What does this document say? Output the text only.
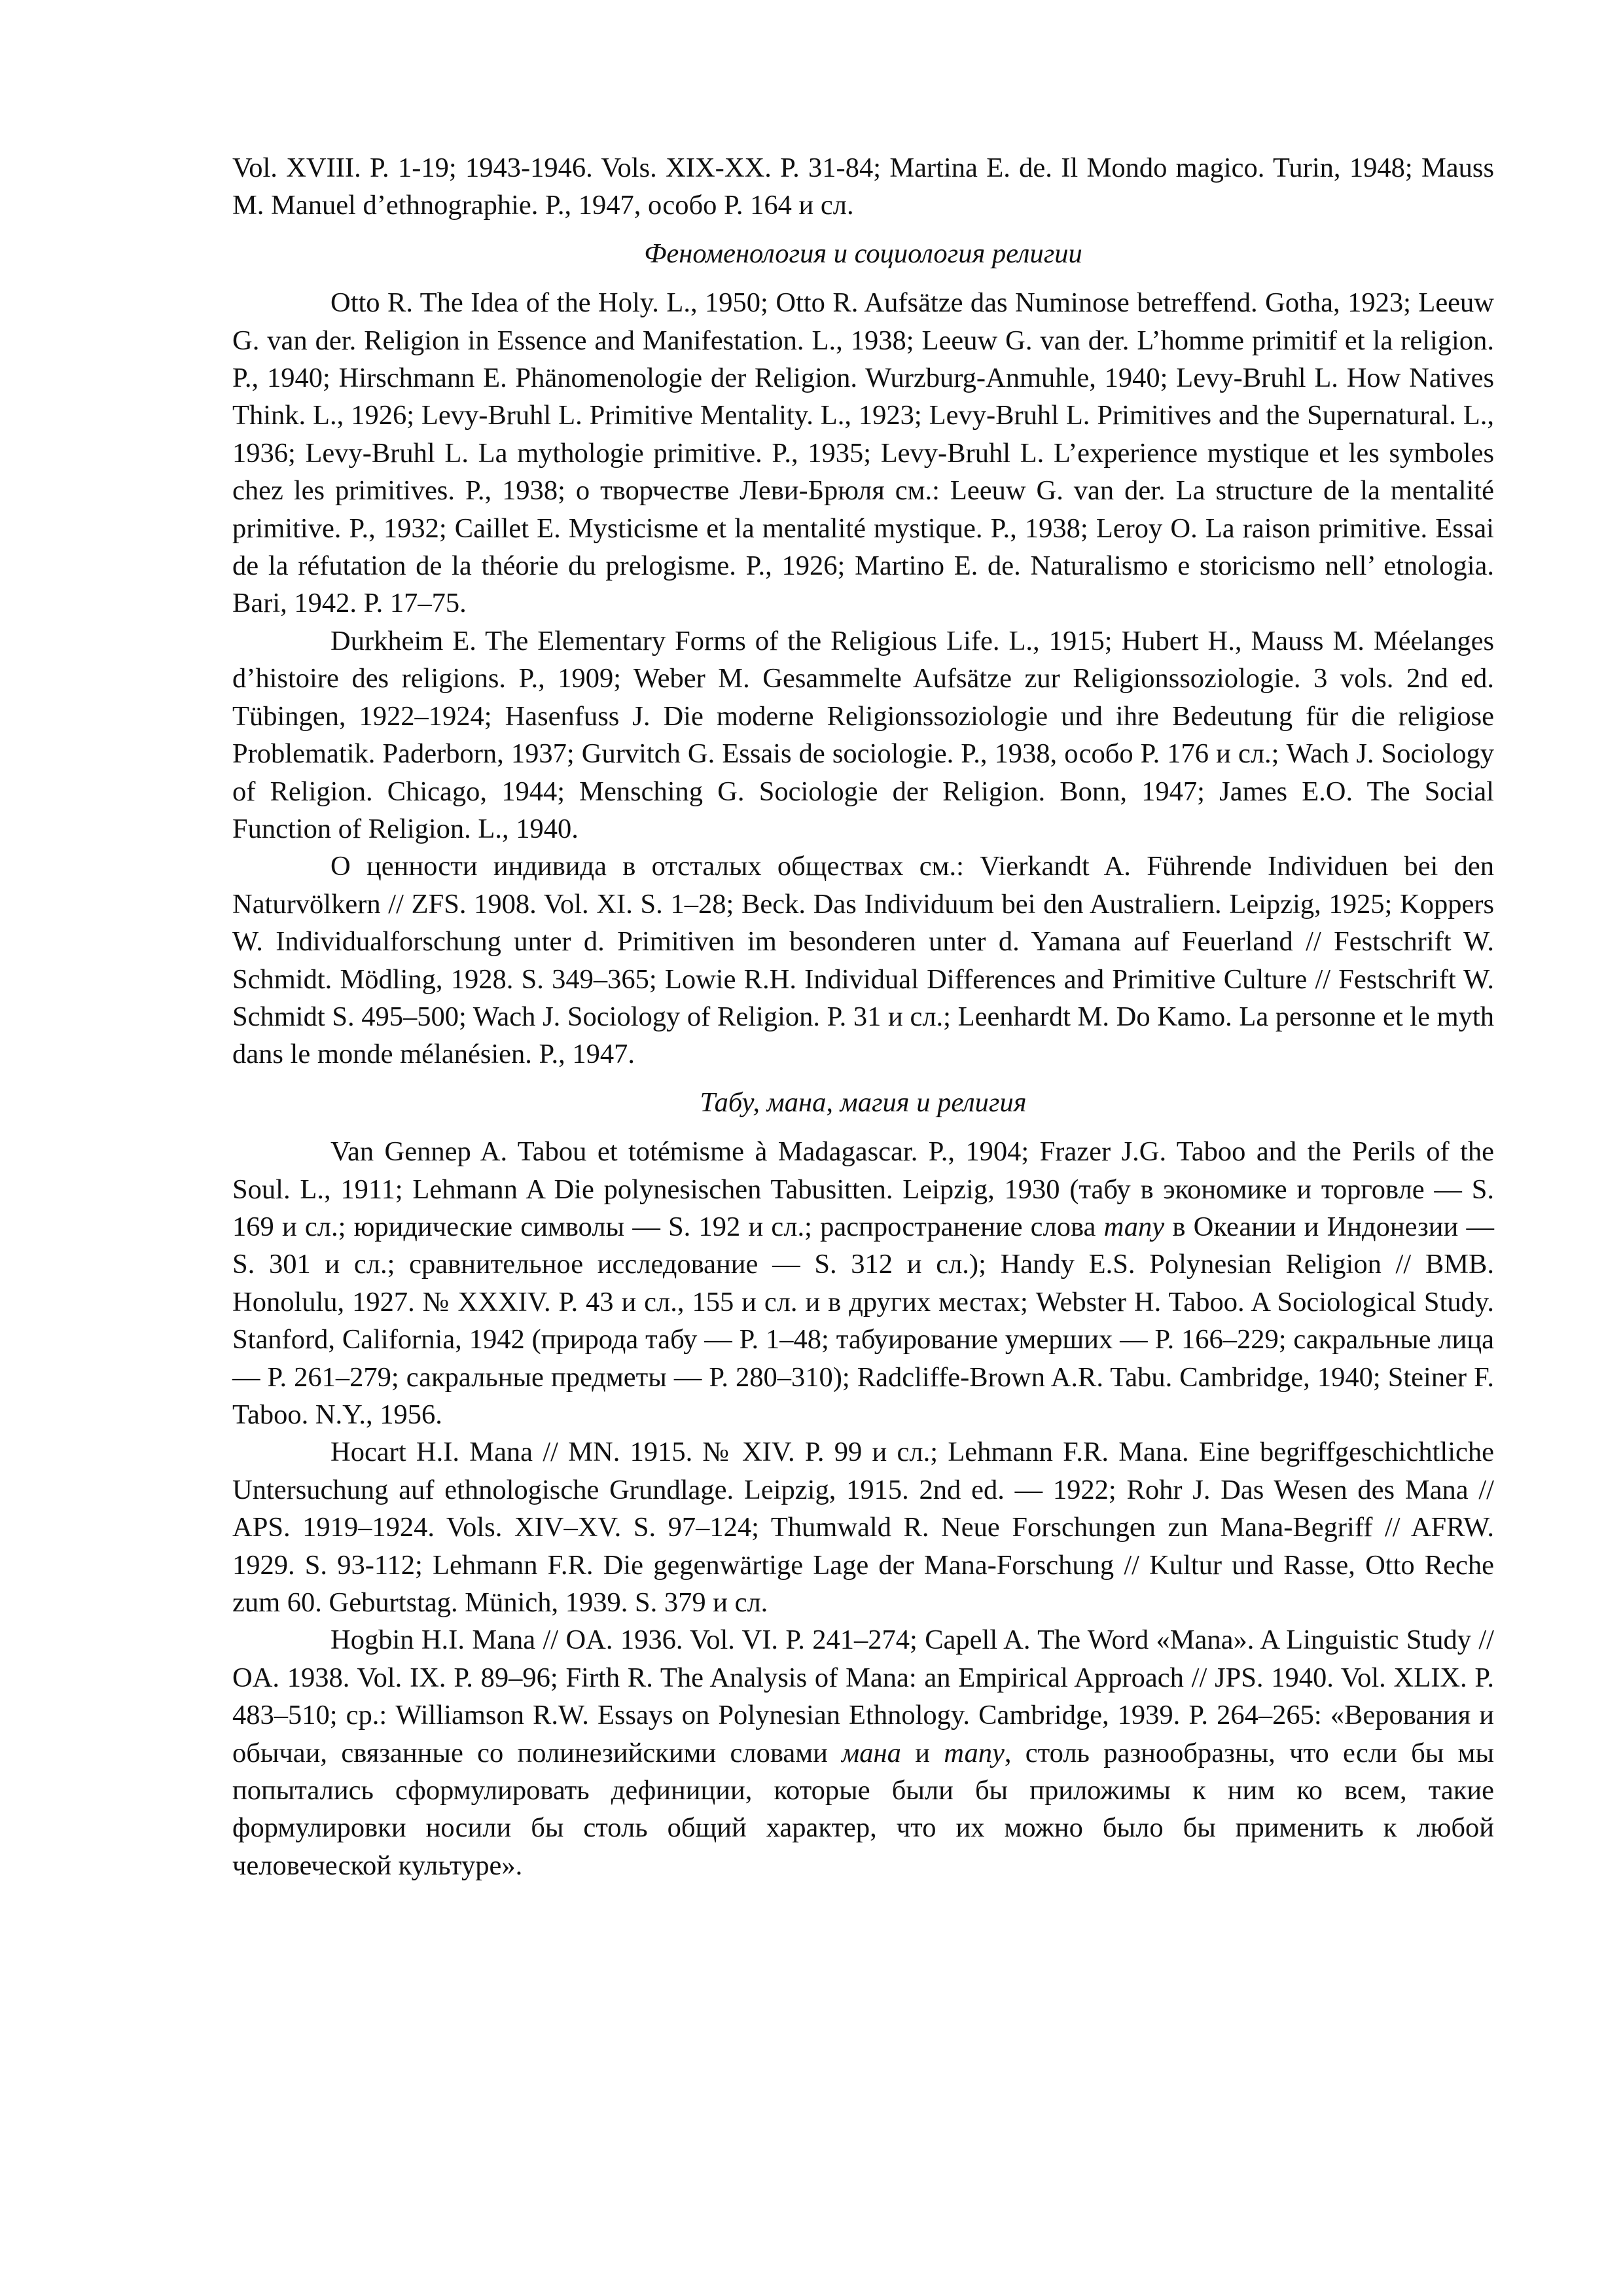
Vol. XVIII. P. 1-19; 1943-1946. Vols. XIX-XX. P. 31-84; Martina E. de. Il Mondo magico. Turin, 1948; Mauss M. Manuel d’ethnographie. P., 1947, особо P. 164 и сл.

Феноменология и социология религии

Otto R. The Idea of the Holy. L., 1950; Otto R. Aufsätze das Numinose betreffend. Gotha, 1923; Leeuw G. van der. Religion in Essence and Manifestation. L., 1938; Leeuw G. van der. L’homme primitif et la religion. P., 1940; Hirschmann E. Phänomenologie der Religion. Wurzburg-Anmuhle, 1940; Levy-Bruhl L. How Natives Think. L., 1926; Levy-Bruhl L. Primitive Mentality. L., 1923; Levy-Bruhl L. Primitives and the Supernatural. L., 1936; Levy-Bruhl L. La mythologie primitive. P., 1935; Levy-Bruhl L. L’experience mystique et les symboles chez les primitives. P., 1938; о творчестве Леви-Брюля см.: Leeuw G. van der. La structure de la mentalité primitive. P., 1932; Caillet E. Mysticisme et la mentalité mystique. P., 1938; Leroy O. La raison primitive. Essai de la réfutation de la théorie du prelogisme. P., 1926; Martino E. de. Naturalismo e storicismo nell’ etnologia. Bari, 1942. P. 17–75.

Durkheim E. The Elementary Forms of the Religious Life. L., 1915; Hubert H., Mauss M. Méelanges d’histoire des religions. P., 1909; Weber M. Gesammelte Aufsätze zur Religionssoziologie. 3 vols. 2nd ed. Tübingen, 1922–1924; Hasenfuss J. Die moderne Religionssoziologie und ihre Bedeutung für die religiose Problematik. Paderborn, 1937; Gurvitch G. Essais de sociologie. P., 1938, особо P. 176 и сл.; Wach J. Sociology of Religion. Chicago, 1944; Mensching G. Sociologie der Religion. Bonn, 1947; James E.O. The Social Function of Religion. L., 1940.

О ценности индивида в отсталых обществах см.: Vierkandt A. Führende Individuen bei den Naturvölkern // ZFS. 1908. Vol. XI. S. 1–28; Beck. Das Individuum bei den Australiern. Leipzig, 1925; Koppers W. Individualforschung unter d. Primitiven im besonderen unter d. Yamana auf Feuerland // Festschrift W. Schmidt. Mödling, 1928. S. 349–365; Lowie R.H. Individual Differences and Primitive Culture // Festschrift W. Schmidt S. 495–500; Wach J. Sociology of Religion. P. 31 и сл.; Leenhardt M. Do Kamo. La personne et le myth dans le monde mélanésien. P., 1947.

Табу, мана, магия и религия

Van Gennep A. Tabou et totémisme à Madagascar. P., 1904; Frazer J.G. Taboo and the Perils of the Soul. L., 1911; Lehmann A Die polynesischen Tabusitten. Leipzig, 1930 (табу в экономике и торговле — S. 169 и сл.; юридические символы — S. 192 и сл.; распространение слова тапу в Океании и Индонезии — S. 301 и сл.; сравнительное исследование — S. 312 и сл.); Handy E.S. Polynesian Religion // BMB. Honolulu, 1927. № XXXIV. P. 43 и сл., 155 и сл. и в других местах; Webster H. Taboo. A Sociological Study. Stanford, California, 1942 (природа табу — P. 1–48; табуирование умерших — P. 166–229; сакральные лица — P. 261–279; сакральные предметы — P. 280–310); Radcliffe-Brown A.R. Tabu. Cambridge, 1940; Steiner F. Taboo. N.Y., 1956.

Hocart H.I. Mana // MN. 1915. № XIV. P. 99 и сл.; Lehmann F.R. Mana. Eine begriffgeschichtliche Untersuchung auf ethnologische Grundlage. Leipzig, 1915. 2nd ed. — 1922; Rohr J. Das Wesen des Mana // APS. 1919–1924. Vols. XIV–XV. S. 97–124; Thumwald R. Neue Forschungen zun Mana-Begriff // AFRW. 1929. S. 93-112; Lehmann F.R. Die gegenwärtige Lage der Mana-Forschung // Kultur und Rasse, Otto Reche zum 60. Geburtstag. Münich, 1939. S. 379 и сл.

Hogbin H.I. Mana // OA. 1936. Vol. VI. P. 241–274; Capell A. The Word «Mana». A Linguistic Study // OA. 1938. Vol. IX. P. 89–96; Firth R. The Analysis of Mana: an Empirical Approach // JPS. 1940. Vol. XLIX. P. 483–510; ср.: Williamson R.W. Essays on Polynesian Ethnology. Cambridge, 1939. P. 264–265: «Верования и обычаи, связанные со полинезийскими словами мана и тапу, столь разнообразны, что если бы мы попытались сформулировать дефиниции, которые были бы приложимы к ним ко всем, такие формулировки носили бы столь общий характер, что их можно было бы применить к любой человеческой культуре».
